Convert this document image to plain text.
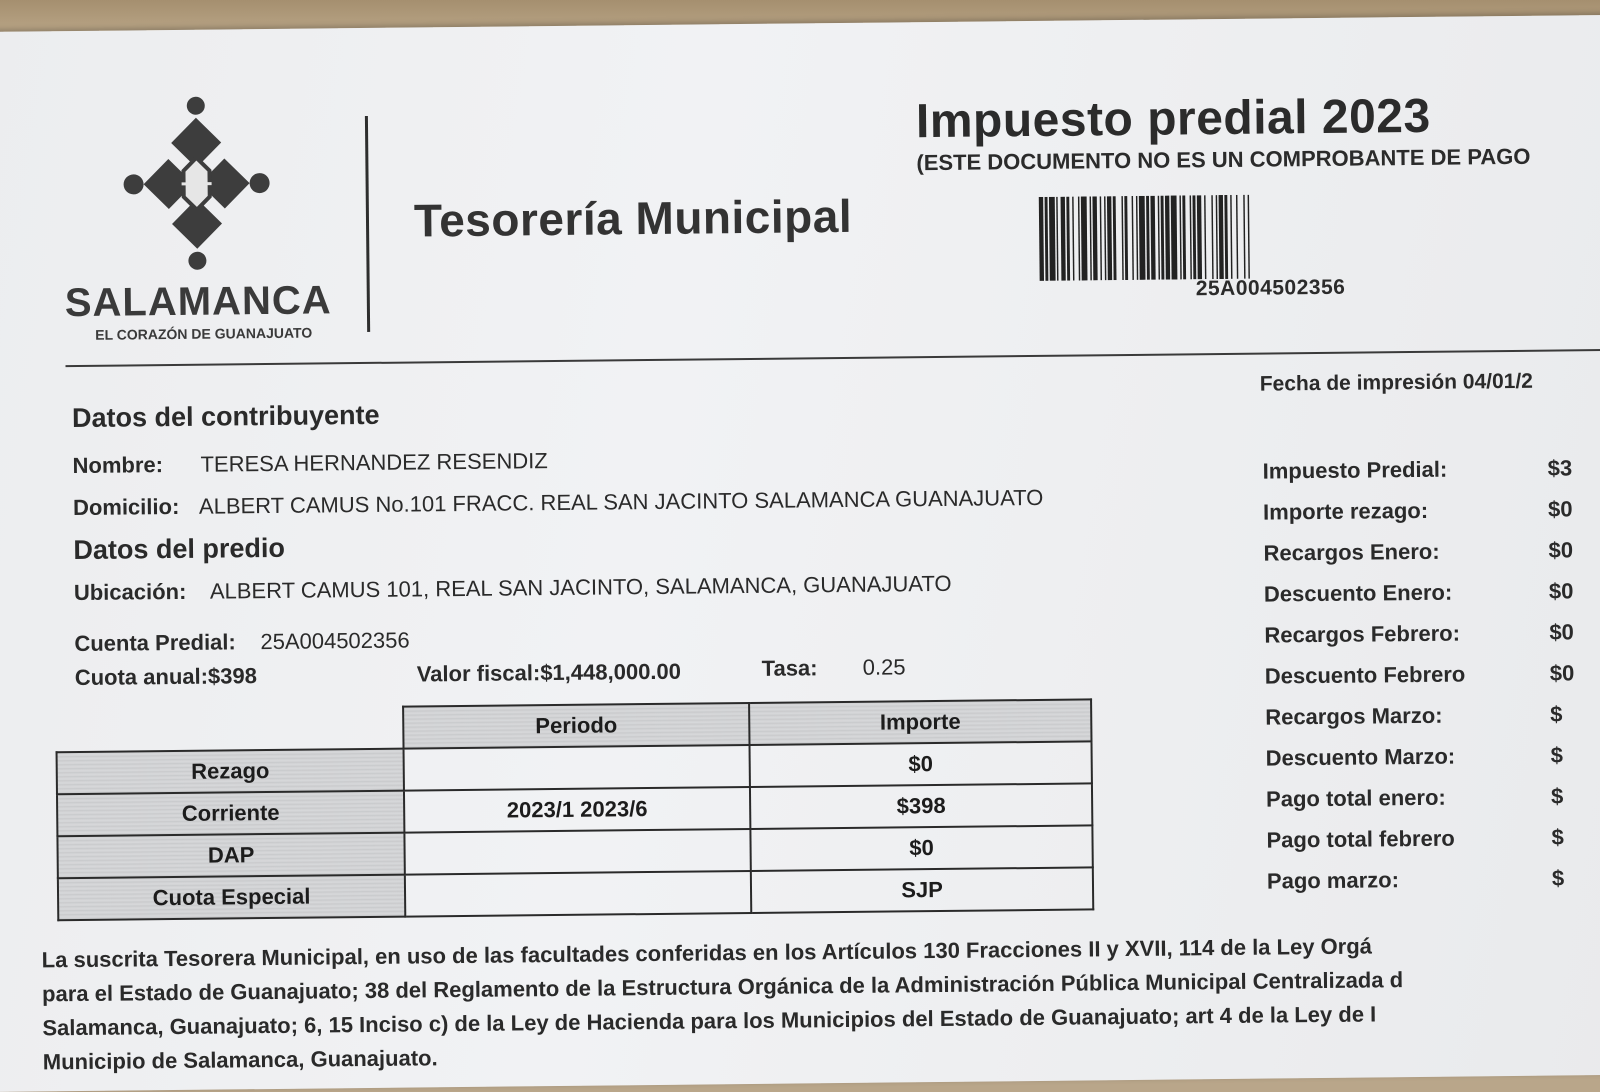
SALAMANCA
EL CORAZÓN DE GUANAJUATO
Tesorería Municipal
Impuesto predial 2023
(ESTE DOCUMENTO NO ES UN COMPROBANTE DE PAGO
25A004502356
Fecha de impresión 04/01/2
Datos del contribuyente
Nombre: TERESA HERNANDEZ RESENDIZ
Domicilio: ALBERT CAMUS No.101 FRACC. REAL SAN JACINTO SALAMANCA GUANAJUATO
Datos del predio
Ubicación: ALBERT CAMUS 101, REAL SAN JACINTO, SALAMANCA, GUANAJUATO
Cuenta Predial: 25A004502356
Cuota anual:$398	Valor fiscal:$1,448,000.00	Tasa: 0.25
	Periodo	Importe
Rezago		$0
Corriente	2023/1 2023/6	$398
DAP		$0
Cuota Especial		SJP
Impuesto Predial:	$3
Importe rezago:	$0
Recargos Enero:	$0
Descuento Enero:	$0
Recargos Febrero:	$0
Descuento Febrero	$0
Recargos Marzo:	$
Descuento Marzo:	$
Pago total enero:	$
Pago total febrero	$
Pago marzo:	$

La suscrita Tesorera Municipal, en uso de las facultades conferidas en los Artículos 130 Fracciones II y XVII, 114 de la Ley Orgá

para el Estado de Guanajuato; 38 del Reglamento de la Estructura Orgánica de la Administración Pública Municipal Centralizada d

Salamanca, Guanajuato; 6, 15 Inciso c) de la Ley de Hacienda para los Municipios del Estado de Guanajuato; art 4 de la Ley de I

Municipio de Salamanca, Guanajuato.
